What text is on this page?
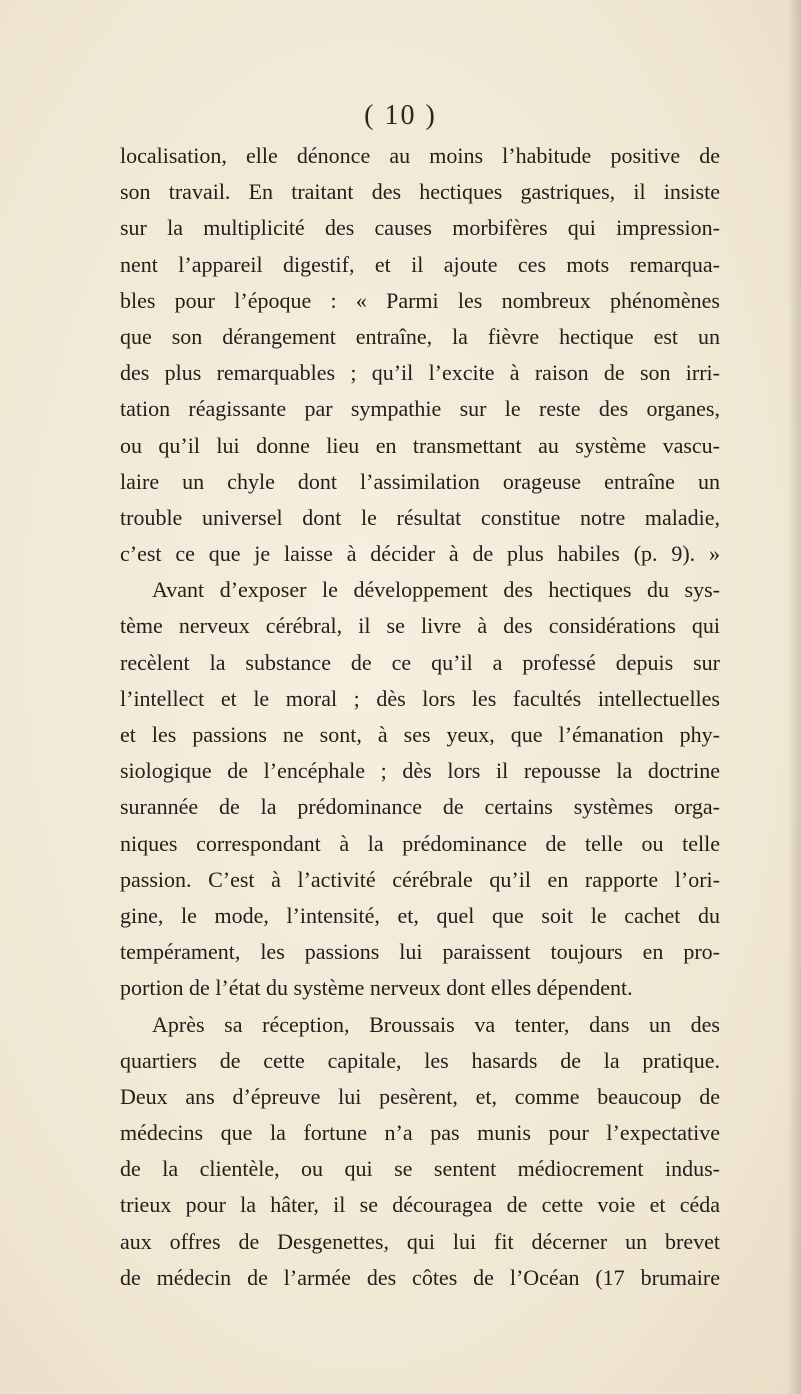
( 10 )
localisation, elle dénonce au moins l’habitude positive de
son travail. En traitant des hectiques gastriques, il insiste
sur la multiplicité des causes morbifères qui impression-
nent l’appareil digestif, et il ajoute ces mots remarqua-
bles pour l’époque : « Parmi les nombreux phénomènes
que son dérangement entraîne, la fièvre hectique est un
des plus remarquables ; qu’il l’excite à raison de son irri-
tation réagissante par sympathie sur le reste des organes,
ou qu’il lui donne lieu en transmettant au système vascu-
laire un chyle dont l’assimilation orageuse entraîne un
trouble universel dont le résultat constitue notre maladie,
c’est ce que je laisse à décider à de plus habiles (p. 9). »
Avant d’exposer le développement des hectiques du sys-
tème nerveux cérébral, il se livre à des considérations qui
recèlent la substance de ce qu’il a professé depuis sur
l’intellect et le moral ; dès lors les facultés intellectuelles
et les passions ne sont, à ses yeux, que l’émanation phy-
siologique de l’encéphale ; dès lors il repousse la doctrine
surannée de la prédominance de certains systèmes orga-
niques correspondant à la prédominance de telle ou telle
passion. C’est à l’activité cérébrale qu’il en rapporte l’ori-
gine, le mode, l’intensité, et, quel que soit le cachet du
tempérament, les passions lui paraissent toujours en pro-
portion de l’état du système nerveux dont elles dépendent.
Après sa réception, Broussais va tenter, dans un des
quartiers de cette capitale, les hasards de la pratique.
Deux ans d’épreuve lui pesèrent, et, comme beaucoup de
médecins que la fortune n’a pas munis pour l’expectative
de la clientèle, ou qui se sentent médiocrement indus-
trieux pour la hâter, il se découragea de cette voie et céda
aux offres de Desgenettes, qui lui fit décerner un brevet
de médecin de l’armée des côtes de l’Océan (17 brumaire
